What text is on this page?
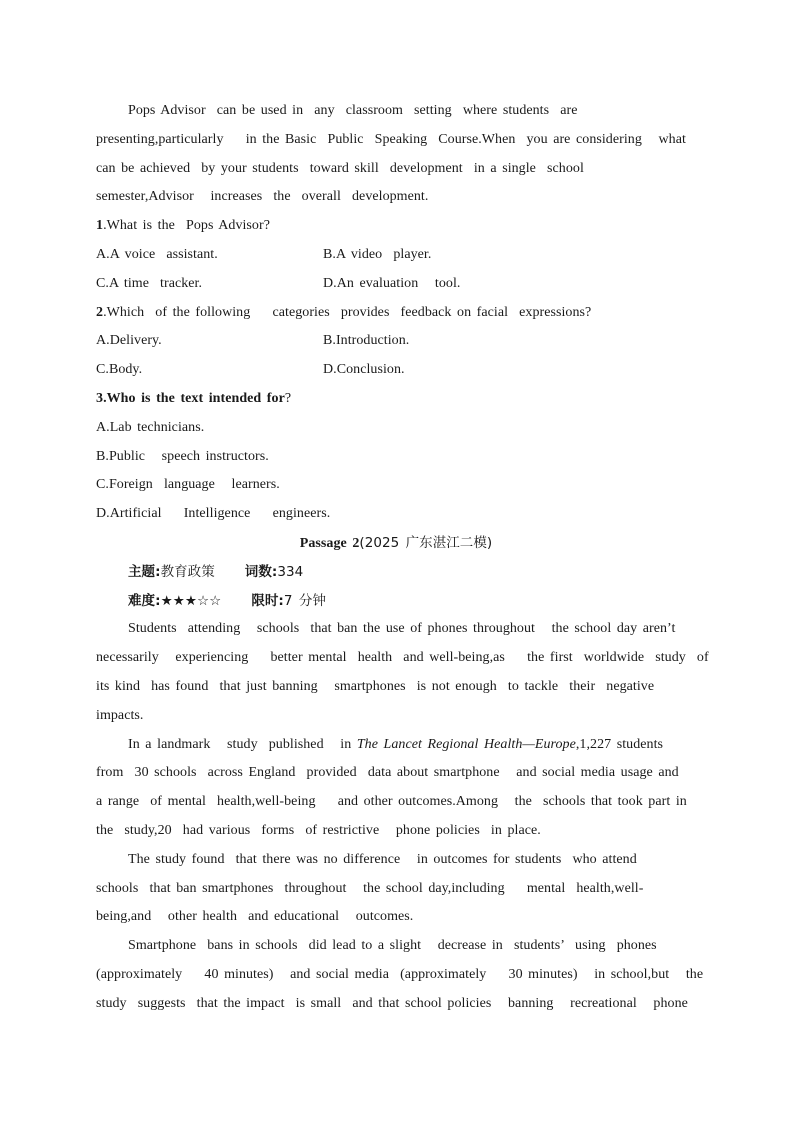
Pops Advisor  can be used in  any  classroom  setting  where students  are
presenting,particularly    in the Basic  Public  Speaking  Course.When  you are considering   what
can be achieved  by your students  toward skill  development  in a single  school
semester,Advisor   increases  the  overall  development.
1.What is the  Pops Advisor?

A.A voice  assistant.

	B.A video  player.

C.A time  tracker.

	D.An evaluation   tool.

2.Which  of the following    categories  provides  feedback on facial  expressions?

A.Delivery.

	B.Introduction.

C.Body.

	D.Conclusion.

3.Who is the text intended for?
A.Lab technicians.
B.Public   speech instructors.
C.Foreign  language   learners.
D.Artificial    Intelligence    engineers.
Passage 2(2025 广东湛江二模)
主题:教育政策 词数:334
难度:★★★☆☆ 限时:7 分钟
Students  attending   schools  that ban the use of phones throughout   the school day aren’t
necessarily   experiencing    better mental  health  and well-being,as    the first  worldwide  study  of
its kind  has found  that just banning   smartphones  is not enough  to tackle  their  negative
impacts.
In a landmark   study  published   in The Lancet Regional Health—Europe,1,227 students
from  30 schools  across England  provided  data about smartphone   and social media usage and
a range  of mental  health,well-being    and other outcomes.Among   the  schools that took part in
the  study,20  had various  forms  of restrictive   phone policies  in place.
The study found  that there was no difference   in outcomes for students  who attend
schools  that ban smartphones  throughout   the school day,including    mental  health,well-
being,and   other health  and educational   outcomes.
Smartphone  bans in schools  did lead to a slight   decrease in  students’  using  phones
(approximately    40 minutes)   and social media  (approximately    30 minutes)   in school,but   the
study  suggests  that the impact  is small  and that school policies   banning   recreational   phone
